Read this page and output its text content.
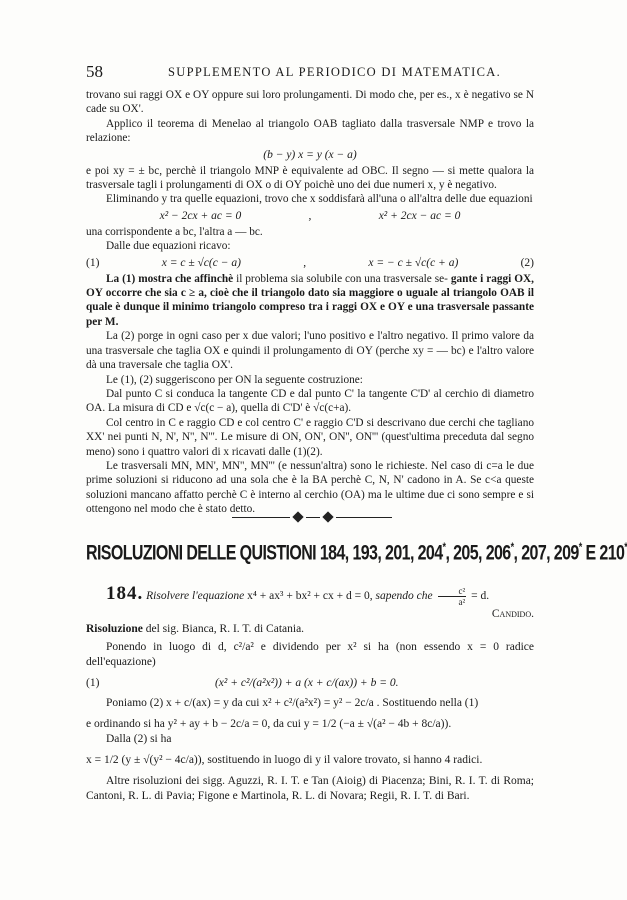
58	SUPPLEMENTO AL PERIODICO DI MATEMATICA.

trovano sui raggi OX e OY oppure sui loro prolungamenti. Di modo che, per es., x è negativo se N cade su OX'.

Applico il teorema di Menelao al triangolo OAB tagliato dalla trasversale NMP e trovo la relazione:

(b − y) x = y (x − a)

e poi xy = ± bc, perchè il triangolo MNP è equivalente ad OBC. Il segno — si mette qualora la trasversale tagli i prolungamenti di OX o di OY poichè uno dei due numeri x, y è negativo.

Eliminando y tra quelle equazioni, trovo che x soddisfarà all'una o all'altra delle due equazioni

x² − 2cx + ac = 0	,	x² + 2cx − ac = 0

una corrispondente a bc, l'altra a — bc.

Dalle due equazioni ricavo:

(1)	x = c ± √c(c − a)	,	x = − c ± √c(c + a)	(2)

La (1) mostra che affinchè il problema sia solubile con una trasversale se- gante i raggi OX, OY occorre che sia c ≥ a, cioè che il triangolo dato sia maggiore o uguale al triangolo OAB il quale è dunque il minimo triangolo compreso tra i raggi OX e OY e una trasversale passante per M.

La (2) porge in ogni caso per x due valori; l'uno positivo e l'altro negativo. Il primo valore da una trasversale che taglia OX e quindi il prolungamento di OY (perche xy = — bc) e l'altro valore dà una traversale che taglia OX'.

Le (1), (2) suggeriscono per ON la seguente costruzione:

Dal punto C si conduca la tangente CD e dal punto C' la tangente C'D' al cerchio di diametro OA. La misura di CD e √c(c − a), quella di C'D' è √c(c+a).

Col centro in C e raggio CD e col centro C' e raggio C'D si descrivano due cerchi che tagliano XX' nei punti N, N', N'', N'''. Le misure di ON, ON', ON'', ON''' (quest'ultima preceduta dal segno meno) sono i quattro valori di x ricavati dalle (1)(2).

Le trasversali MN, MN', MN'', MN''' (e nessun'altra) sono le richieste. Nel caso di c=a le due prime soluzioni si riducono ad una sola che è la BA perchè C, N, N' cadono in A. Se c<a queste soluzioni mancano affatto perchè C è interno al cerchio (OA) ma le ultime due ci sono sempre e si ottengono nel modo che è stato detto.

RISOLUZIONI DELLE QUISTIONI 184, 193, 201, 204*, 205, 206*, 207, 209* E 210*

184. Risolvere l'equazione x⁴ + ax³ + bx² + cx + d = 0, sapendo che $\frac{\text{c²}}{\text{a²}} = d$.

Candido.

Risoluzione del sig. Bianca, R. I. T. di Catania.

Ponendo in luogo di d, c²/a² e dividendo per x² si ha (non essendo x = 0 radice dell'equazione)

(1)	(x² + c²/(a²x²)) + a (x + c/(ax)) + b = 0.

Poniamo (2) x + c/(ax) = y da cui x² + c²/(a²x²) = y² − 2c/a . Sostituendo nella (1)

e ordinando si ha y² + ay + b − 2c/a = 0, da cui y = 1/2 (−a ± √(a² − 4b + 8c/a)).

Dalla (2) si ha

x = 1/2 (y ± √(y² − 4c/a)), sostituendo in luogo di y il valore trovato, si hanno 4 radici.

Altre risoluzioni dei sigg. Aguzzi, R. I. T. e Tan (Aioig) di Piacenza; Bini, R. I. T. di Roma; Cantoni, R. L. di Pavia; Figone e Martinola, R. L. di Novara; Regii, R. I. T. di Bari.
